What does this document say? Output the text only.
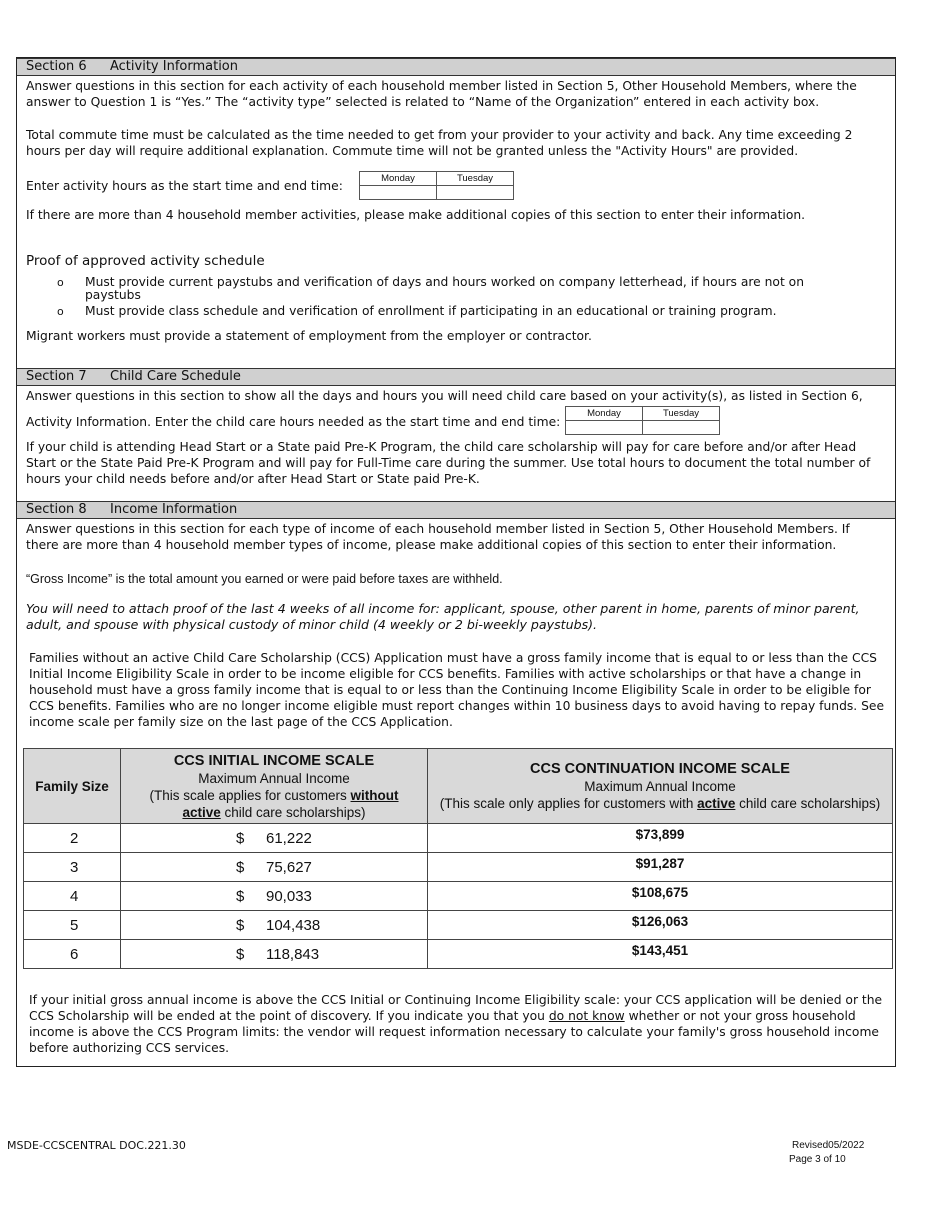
Section 6 Activity Information

Answer questions in this section for each activity of each household member listed in Section 5, Other Household Members, where the answer to Question 1 is “Yes.” The “activity type” selected is related to “Name of the Organization” entered in each activity box.

Total commute time must be calculated as the time needed to get from your provider to your activity and back. Any time exceeding 2 hours per day will require additional explanation. Commute time will not be granted unless the "Activity Hours" are provided.

Enter activity hours as the start time and end time:

Monday	Tuesday

If there are more than 4 household member activities, please make additional copies of this section to enter their information.

Proof of approved activity schedule

o Must provide current paystubs and verification of days and hours worked on company letterhead, if hours are not on paystubs
o Must provide class schedule and verification of enrollment if participating in an educational or training program.

Migrant workers must provide a statement of employment from the employer or contractor.

Section 7 Child Care Schedule

Answer questions in this section to show all the days and hours you will need child care based on your activity(s), as listed in Section 6,

Activity Information. Enter the child care hours needed as the start time and end time:

Monday	Tuesday

If your child is attending Head Start or a State paid Pre-K Program, the child care scholarship will pay for care before and/or after Head Start or the State Paid Pre-K Program and will pay for Full-Time care during the summer. Use total hours to document the total number of hours your child needs before and/or after Head Start or State paid Pre-K.

Section 8 Income Information

Answer questions in this section for each type of income of each household member listed in Section 5, Other Household Members. If there are more than 4 household member types of income, please make additional copies of this section to enter their information.

“Gross Income” is the total amount you earned or were paid before taxes are withheld.

You will need to attach proof of the last 4 weeks of all income for: applicant, spouse, other parent in home, parents of minor parent, adult, and spouse with physical custody of minor child (4 weekly or 2 bi-weekly paystubs).

Families without an active Child Care Scholarship (CCS) Application must have a gross family income that is equal to or less than the CCS Initial Income Eligibility Scale in order to be income eligible for CCS benefits. Families with active scholarships or that have a change in household must have a gross family income that is equal to or less than the Continuing Income Eligibility Scale in order to be eligible for CCS benefits. Families who are no longer income eligible must report changes within 10 business days to avoid having to repay funds. See income scale per family size on the last page of the CCS Application.

Family Size	CCS INITIAL INCOME SCALE
Maximum Annual Income
(This scale applies for customers without
active child care scholarships)	CCS CONTINUATION INCOME SCALE
Maximum Annual Income
(This scale only applies for customers with active child care scholarships)
2	$ 61,222	$73,899
3	$ 75,627	$91,287
4	$ 90,033	$108,675
5	$ 104,438	$126,063
6	$ 118,843	$143,451

If your initial gross annual income is above the CCS Initial or Continuing Income Eligibility scale: your CCS application will be denied or the CCS Scholarship will be ended at the point of discovery. If you indicate you that you do not know whether or not your gross household income is above the CCS Program limits: the vendor will request information necessary to calculate your family's gross household income before authorizing CCS services.

MSDE-CCSCENTRAL DOC.221.30	Revised05/2022
Page 3 of 10
